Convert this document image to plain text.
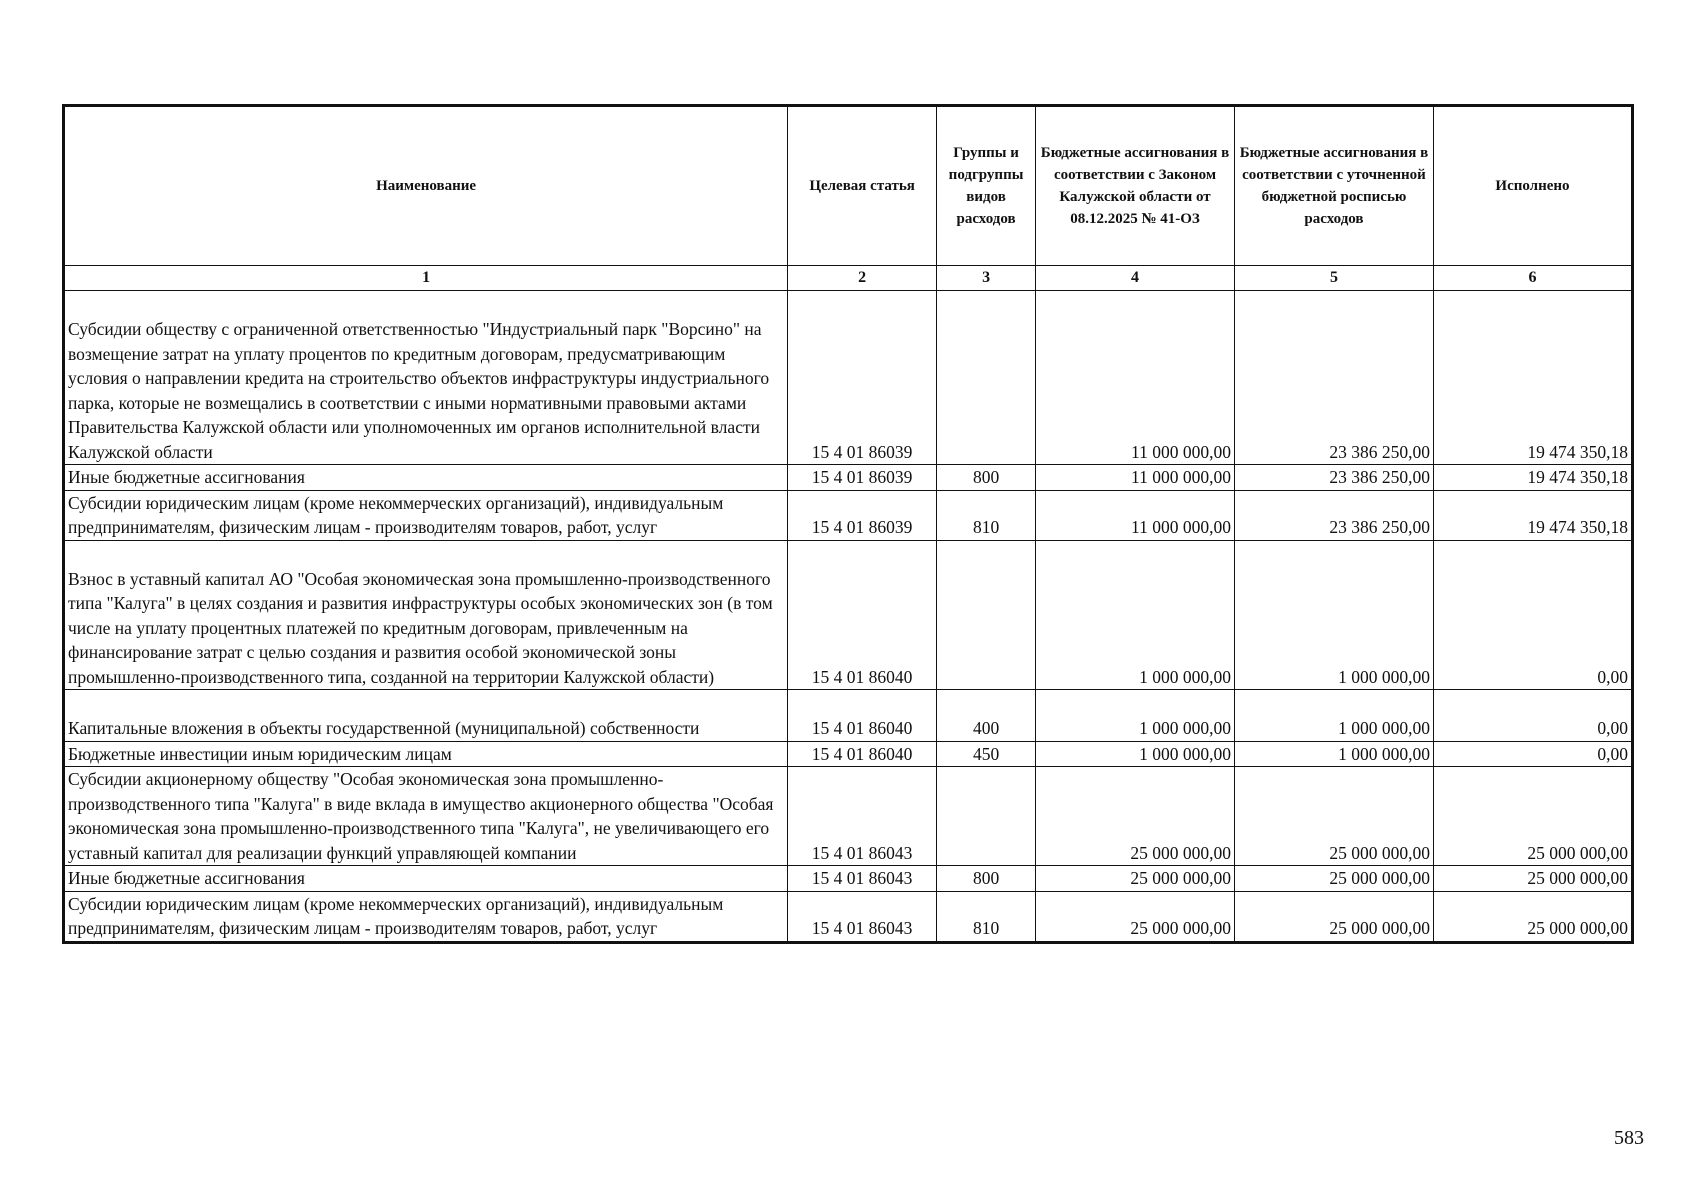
Наименование	Целевая статья	Группы и подгруппы видов расходов	Бюджетные ассигнования в соответствии с Законом Калужской области от 08.12.2025 № 41-ОЗ	Бюджетные ассигнования в соответствии с уточненной бюджетной росписью расходов	Исполнено
1	2	3	4	5	6
Субсидии обществу с ограниченной ответственностью "Индустриальный парк "Ворсино" на возмещение затрат на уплату процентов по кредитным договорам, предусматривающим условия о направлении кредита на строительство объектов инфраструктуры индустриального парка, которые не возмещались в соответствии с иными нормативными правовыми актами Правительства Калужской области или уполномоченных им органов исполнительной власти Калужской области	15 4 01 86039		11 000 000,00	23 386 250,00	19 474 350,18
Иные бюджетные ассигнования	15 4 01 86039	800	11 000 000,00	23 386 250,00	19 474 350,18
Субсидии юридическим лицам (кроме некоммерческих организаций), индивидуальным предпринимателям, физическим лицам - производителям товаров, работ, услуг	15 4 01 86039	810	11 000 000,00	23 386 250,00	19 474 350,18
Взнос в уставный капитал АО "Особая экономическая зона промышленно-производственного типа "Калуга" в целях создания и развития инфраструктуры особых экономических зон (в том числе на уплату процентных платежей по кредитным договорам, привлеченным на финансирование затрат с целью создания и развития особой экономической зоны промышленно-производственного типа, созданной на территории Калужской области)	15 4 01 86040		1 000 000,00	1 000 000,00	0,00
Капитальные вложения в объекты государственной (муниципальной) собственности	15 4 01 86040	400	1 000 000,00	1 000 000,00	0,00
Бюджетные инвестиции иным юридическим лицам	15 4 01 86040	450	1 000 000,00	1 000 000,00	0,00
Субсидии акционерному обществу "Особая экономическая зона промышленно-производственного типа "Калуга" в виде вклада в имущество акционерного общества "Особая экономическая зона промышленно-производственного типа "Калуга", не увеличивающего его уставный капитал для реализации функций управляющей компании	15 4 01 86043		25 000 000,00	25 000 000,00	25 000 000,00
Иные бюджетные ассигнования	15 4 01 86043	800	25 000 000,00	25 000 000,00	25 000 000,00
Субсидии юридическим лицам (кроме некоммерческих организаций), индивидуальным предпринимателям, физическим лицам - производителям товаров, работ, услуг	15 4 01 86043	810	25 000 000,00	25 000 000,00	25 000 000,00
583
